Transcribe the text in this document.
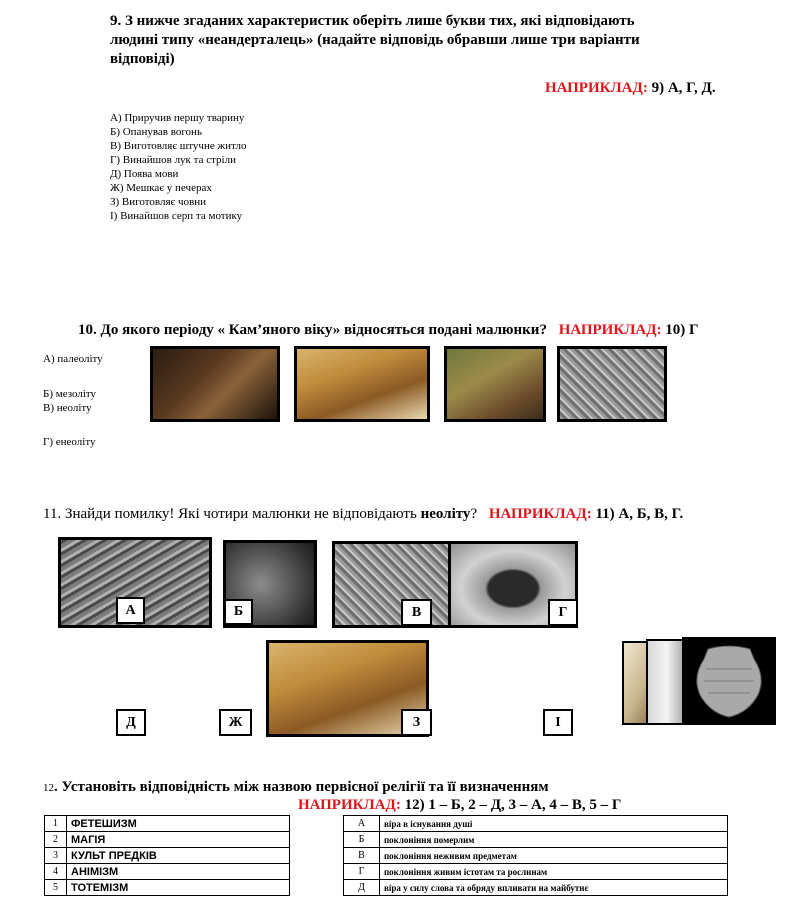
9. З нижче згаданих характеристик оберіть лише букви тих, які відповідають
людині типу «неандерталець» (надайте відповідь обравши лише три варіанти
відповіді)
НАПРИКЛАД: 9) А, Г, Д.
А) Приручив першу тварину
Б) Опанував вогонь
В) Виготовляє штучне житло
Г) Винайшов лук та стріли
Д) Поява мови
Ж) Мешкає у печерах
З) Виготовляє човни
І) Винайшов серп та мотику
10. До якого періоду « Кам’яного віку» відносяться подані малюнки? НАПРИКЛАД: 10) Г
А) палеоліту
Б) мезоліту
В) неоліту
Г) енеоліту
11. Знайди помилку! Які чотири малюнки не відповідають неоліту? НАПРИКЛАД: 11) А, Б, В, Г.
А	Б	В	Г
Д	Ж	З	І
12. Установіть відповідність між назвою первісної релігії та її визначенням
НАПРИКЛАД: 12) 1 – Б, 2 – Д, 3 – А, 4 – В, 5 – Г
1	ФЕТЕШИЗМ
2	МАГІЯ
3	КУЛЬТ ПРЕДКІВ
4	АНІМІЗМ
5	ТОТЕМІЗМ
А	віра в існування душі
Б	поклоніння померлим
В	поклоніння неживим предметам
Г	поклоніння живим істотам та рослинам
Д	віра у силу слова та обряду впливати на майбутнє
